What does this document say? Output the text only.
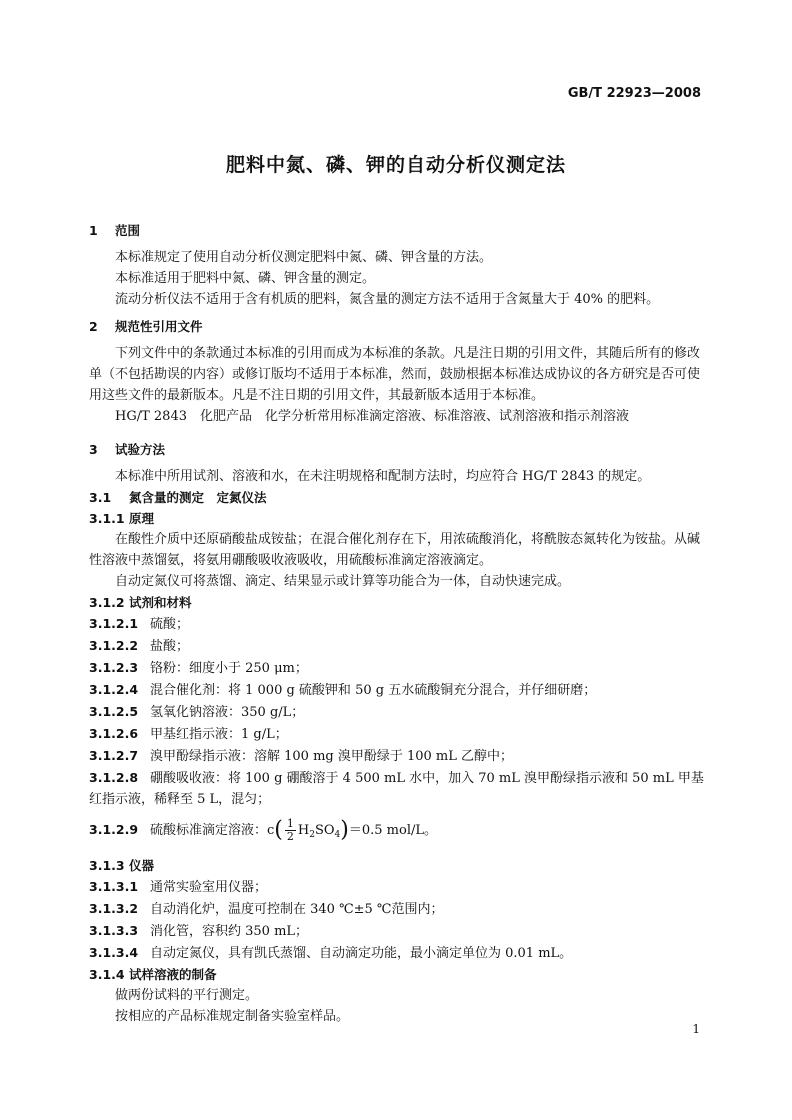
GB/T 22923—2008
肥料中氮、磷、钾的自动分析仪测定法
1 范围
本标准规定了使用自动分析仪测定肥料中氮、磷、钾含量的方法。
本标准适用于肥料中氮、磷、钾含量的测定。
流动分析仪法不适用于含有机质的肥料，氮含量的测定方法不适用于含氮量大于 40% 的肥料。
2 规范性引用文件
下列文件中的条款通过本标准的引用而成为本标准的条款。凡是注日期的引用文件，其随后所有的修改单（不包括勘误的内容）或修订版均不适用于本标准，然而，鼓励根据本标准达成协议的各方研究是否可使用这些文件的最新版本。凡是不注日期的引用文件，其最新版本适用于本标准。
HG/T 2843　化肥产品　化学分析常用标准滴定溶液、标准溶液、试剂溶液和指示剂溶液
3 试验方法
本标准中所用试剂、溶液和水，在未注明规格和配制方法时，均应符合 HG/T 2843 的规定。
3.1 氮含量的测定　定氮仪法
3.1.1 原理
在酸性介质中还原硝酸盐成铵盐；在混合催化剂存在下，用浓硫酸消化，将酰胺态氮转化为铵盐。从碱性溶液中蒸馏氨，将氨用硼酸吸收液吸收，用硫酸标准滴定溶液滴定。
自动定氮仪可将蒸馏、滴定、结果显示或计算等功能合为一体，自动快速完成。
3.1.2 试剂和材料
3.1.2.1 硫酸；
3.1.2.2 盐酸；
3.1.2.3 铬粉：细度小于 250 μm；
3.1.2.4 混合催化剂：将 1 000 g 硫酸钾和 50 g 五水硫酸铜充分混合，并仔细研磨；
3.1.2.5 氢氧化钠溶液：350 g/L；
3.1.2.6 甲基红指示液：1 g/L；
3.1.2.7 溴甲酚绿指示液：溶解 100 mg 溴甲酚绿于 100 mL 乙醇中；
3.1.2.8 硼酸吸收液：将 100 g 硼酸溶于 4 500 mL 水中，加入 70 mL 溴甲酚绿指示液和 50 mL 甲基红指示液，稀释至 5 L，混匀；
3.1.2.9 硫酸标准滴定溶液：$c( \frac{1}{2} H_2SO_4)=0.5$ mol/L。
3.1.3 仪器
3.1.3.1 通常实验室用仪器；
3.1.3.2 自动消化炉，温度可控制在 340 ℃±5 ℃范围内；
3.1.3.3 消化管，容积约 350 mL；
3.1.3.4 自动定氮仪，具有凯氏蒸馏、自动滴定功能，最小滴定单位为 0.01 mL。
3.1.4 试样溶液的制备
做两份试料的平行测定。
按相应的产品标准规定制备实验室样品。
1
